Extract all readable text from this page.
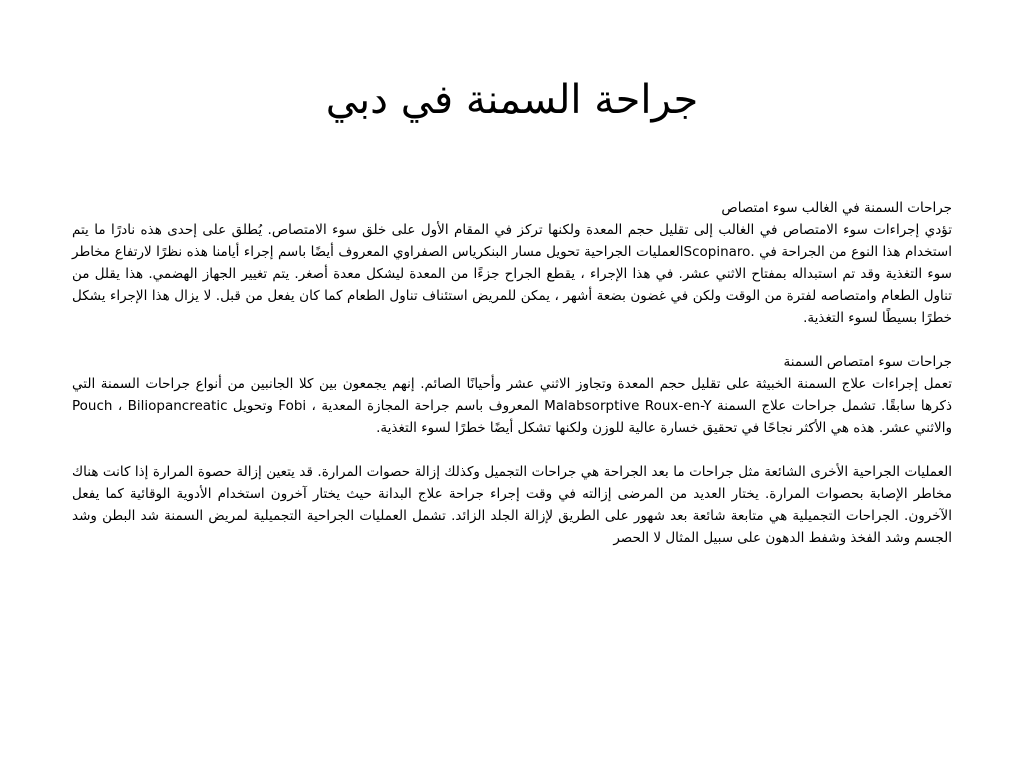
جراحة السمنة في دبي

جراحات السمنة في الغالب سوء امتصاص

تؤدي إجراءات سوء الامتصاص في الغالب إلى تقليل حجم المعدة ولكنها تركز في المقام الأول على خلق سوء الامتصاص. يُطلق على إحدى هذه نادرًا ما يتم استخدام هذا النوع من الجراحة في .Scopinaroالعمليات الجراحية تحويل مسار البنكرياس الصفراوي المعروف أيضًا باسم إجراء أيامنا هذه نظرًا لارتفاع مخاطر سوء التغذية وقد تم استبداله بمفتاح الاثني عشر. في هذا الإجراء ، يقطع الجراح جزءًا من المعدة ليشكل معدة أصغر. يتم تغيير الجهاز الهضمي. هذا يقلل من تناول الطعام وامتصاصه لفترة من الوقت ولكن في غضون بضعة أشهر ، يمكن للمريض استئناف تناول الطعام كما كان يفعل من قبل. لا يزال هذا الإجراء يشكل خطرًا بسيطًا لسوء التغذية.

جراحات سوء امتصاص السمنة

تعمل إجراءات علاج السمنة الخبيثة على تقليل حجم المعدة وتجاوز الاثني عشر وأحيانًا الصائم. إنهم يجمعون بين كلا الجانبين من أنواع جراحات السمنة التي ذكرها سابقًا. تشمل جراحات علاج السمنة Malabsorptive Roux-en-Y المعروف باسم جراحة المجازة المعدية ، Fobi وتحويل Pouch ، Biliopancreatic والاثني عشر. هذه هي الأكثر نجاحًا في تحقيق خسارة عالية للوزن ولكنها تشكل أيضًا خطرًا لسوء التغذية.

العمليات الجراحية الأخرى الشائعة مثل جراحات ما بعد الجراحة هي جراحات التجميل وكذلك إزالة حصوات المرارة. قد يتعين إزالة حصوة المرارة إذا كانت هناك مخاطر الإصابة بحصوات المرارة. يختار العديد من المرضى إزالته في وقت إجراء جراحة علاج البدانة حيث يختار آخرون استخدام الأدوية الوقائية كما يفعل الآخرون. الجراحات التجميلية هي متابعة شائعة بعد شهور على الطريق لإزالة الجلد الزائد. تشمل العمليات الجراحية التجميلية لمريض السمنة شد البطن وشد الجسم وشد الفخذ وشفط الدهون على سبيل المثال لا الحصر
